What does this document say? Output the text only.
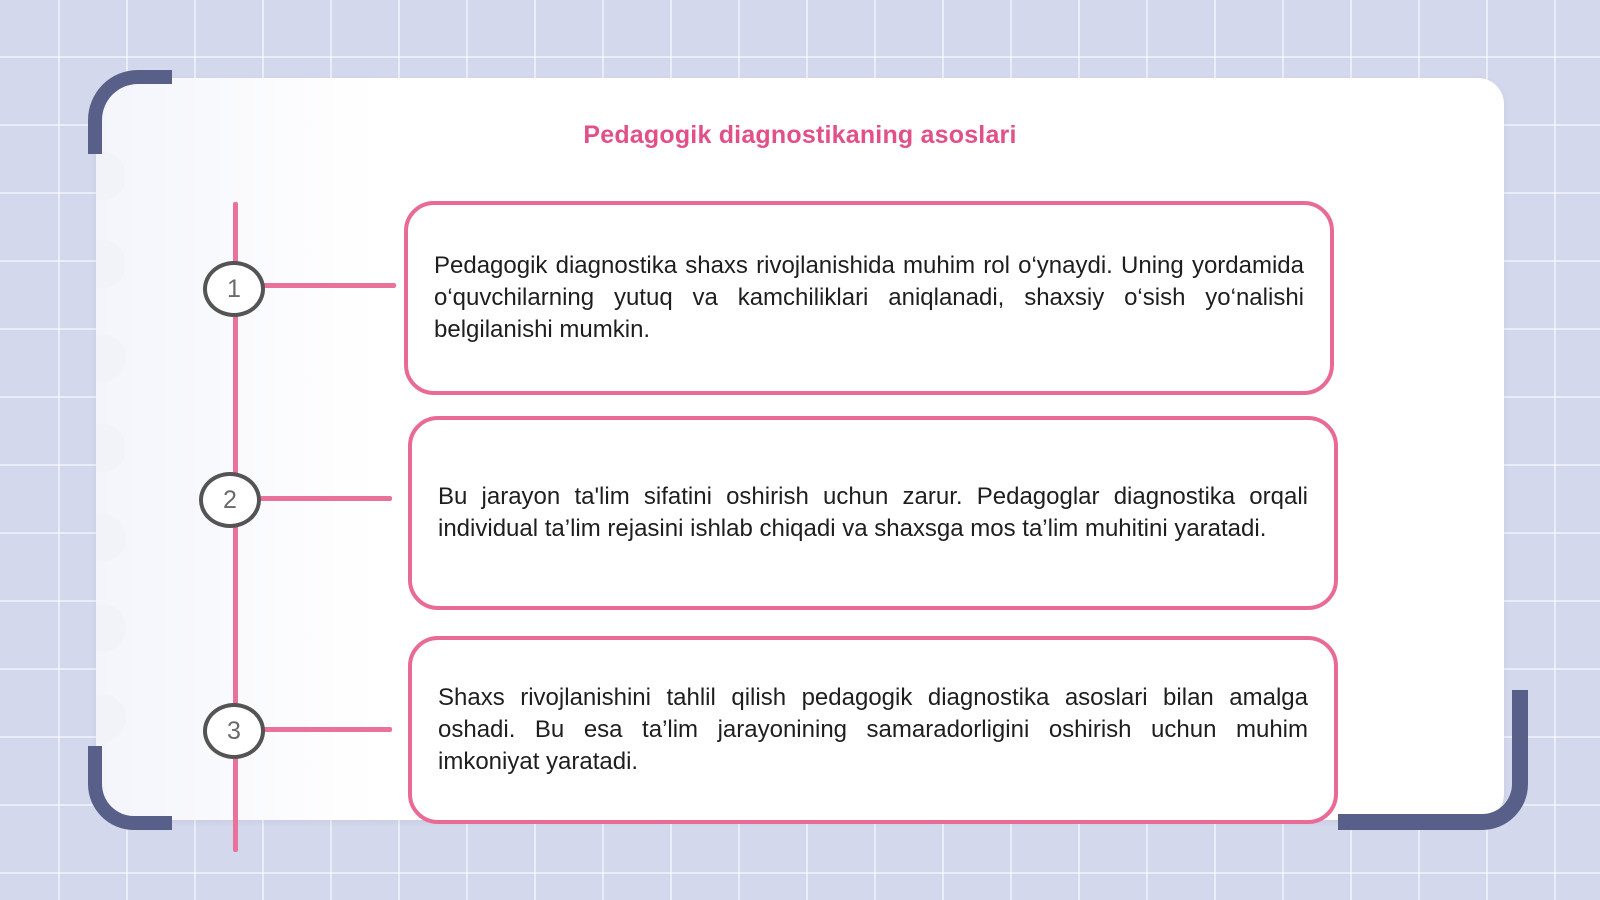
Pedagogik diagnostikaning asoslari
1

Pedagogik diagnostika shaxs rivojlanishida muhim rol o‘ynaydi. Uning yordamida o‘quvchilarning yutuq va kamchiliklari aniqlanadi, shaxsiy o‘sish yo‘nalishi belgilanishi mumkin.

2	Bu jarayon ta'lim sifatini oshirish uchun zarur. Pedagoglar diagnostika orqali individual ta’lim rejasini ishlab chiqadi va shaxsga mos ta’lim muhitini yaratadi.

3

Shaxs rivojlanishini tahlil qilish pedagogik diagnostika asoslari bilan amalga oshadi. Bu esa ta’lim jarayonining samaradorligini oshirish uchun muhim imkoniyat yaratadi.
